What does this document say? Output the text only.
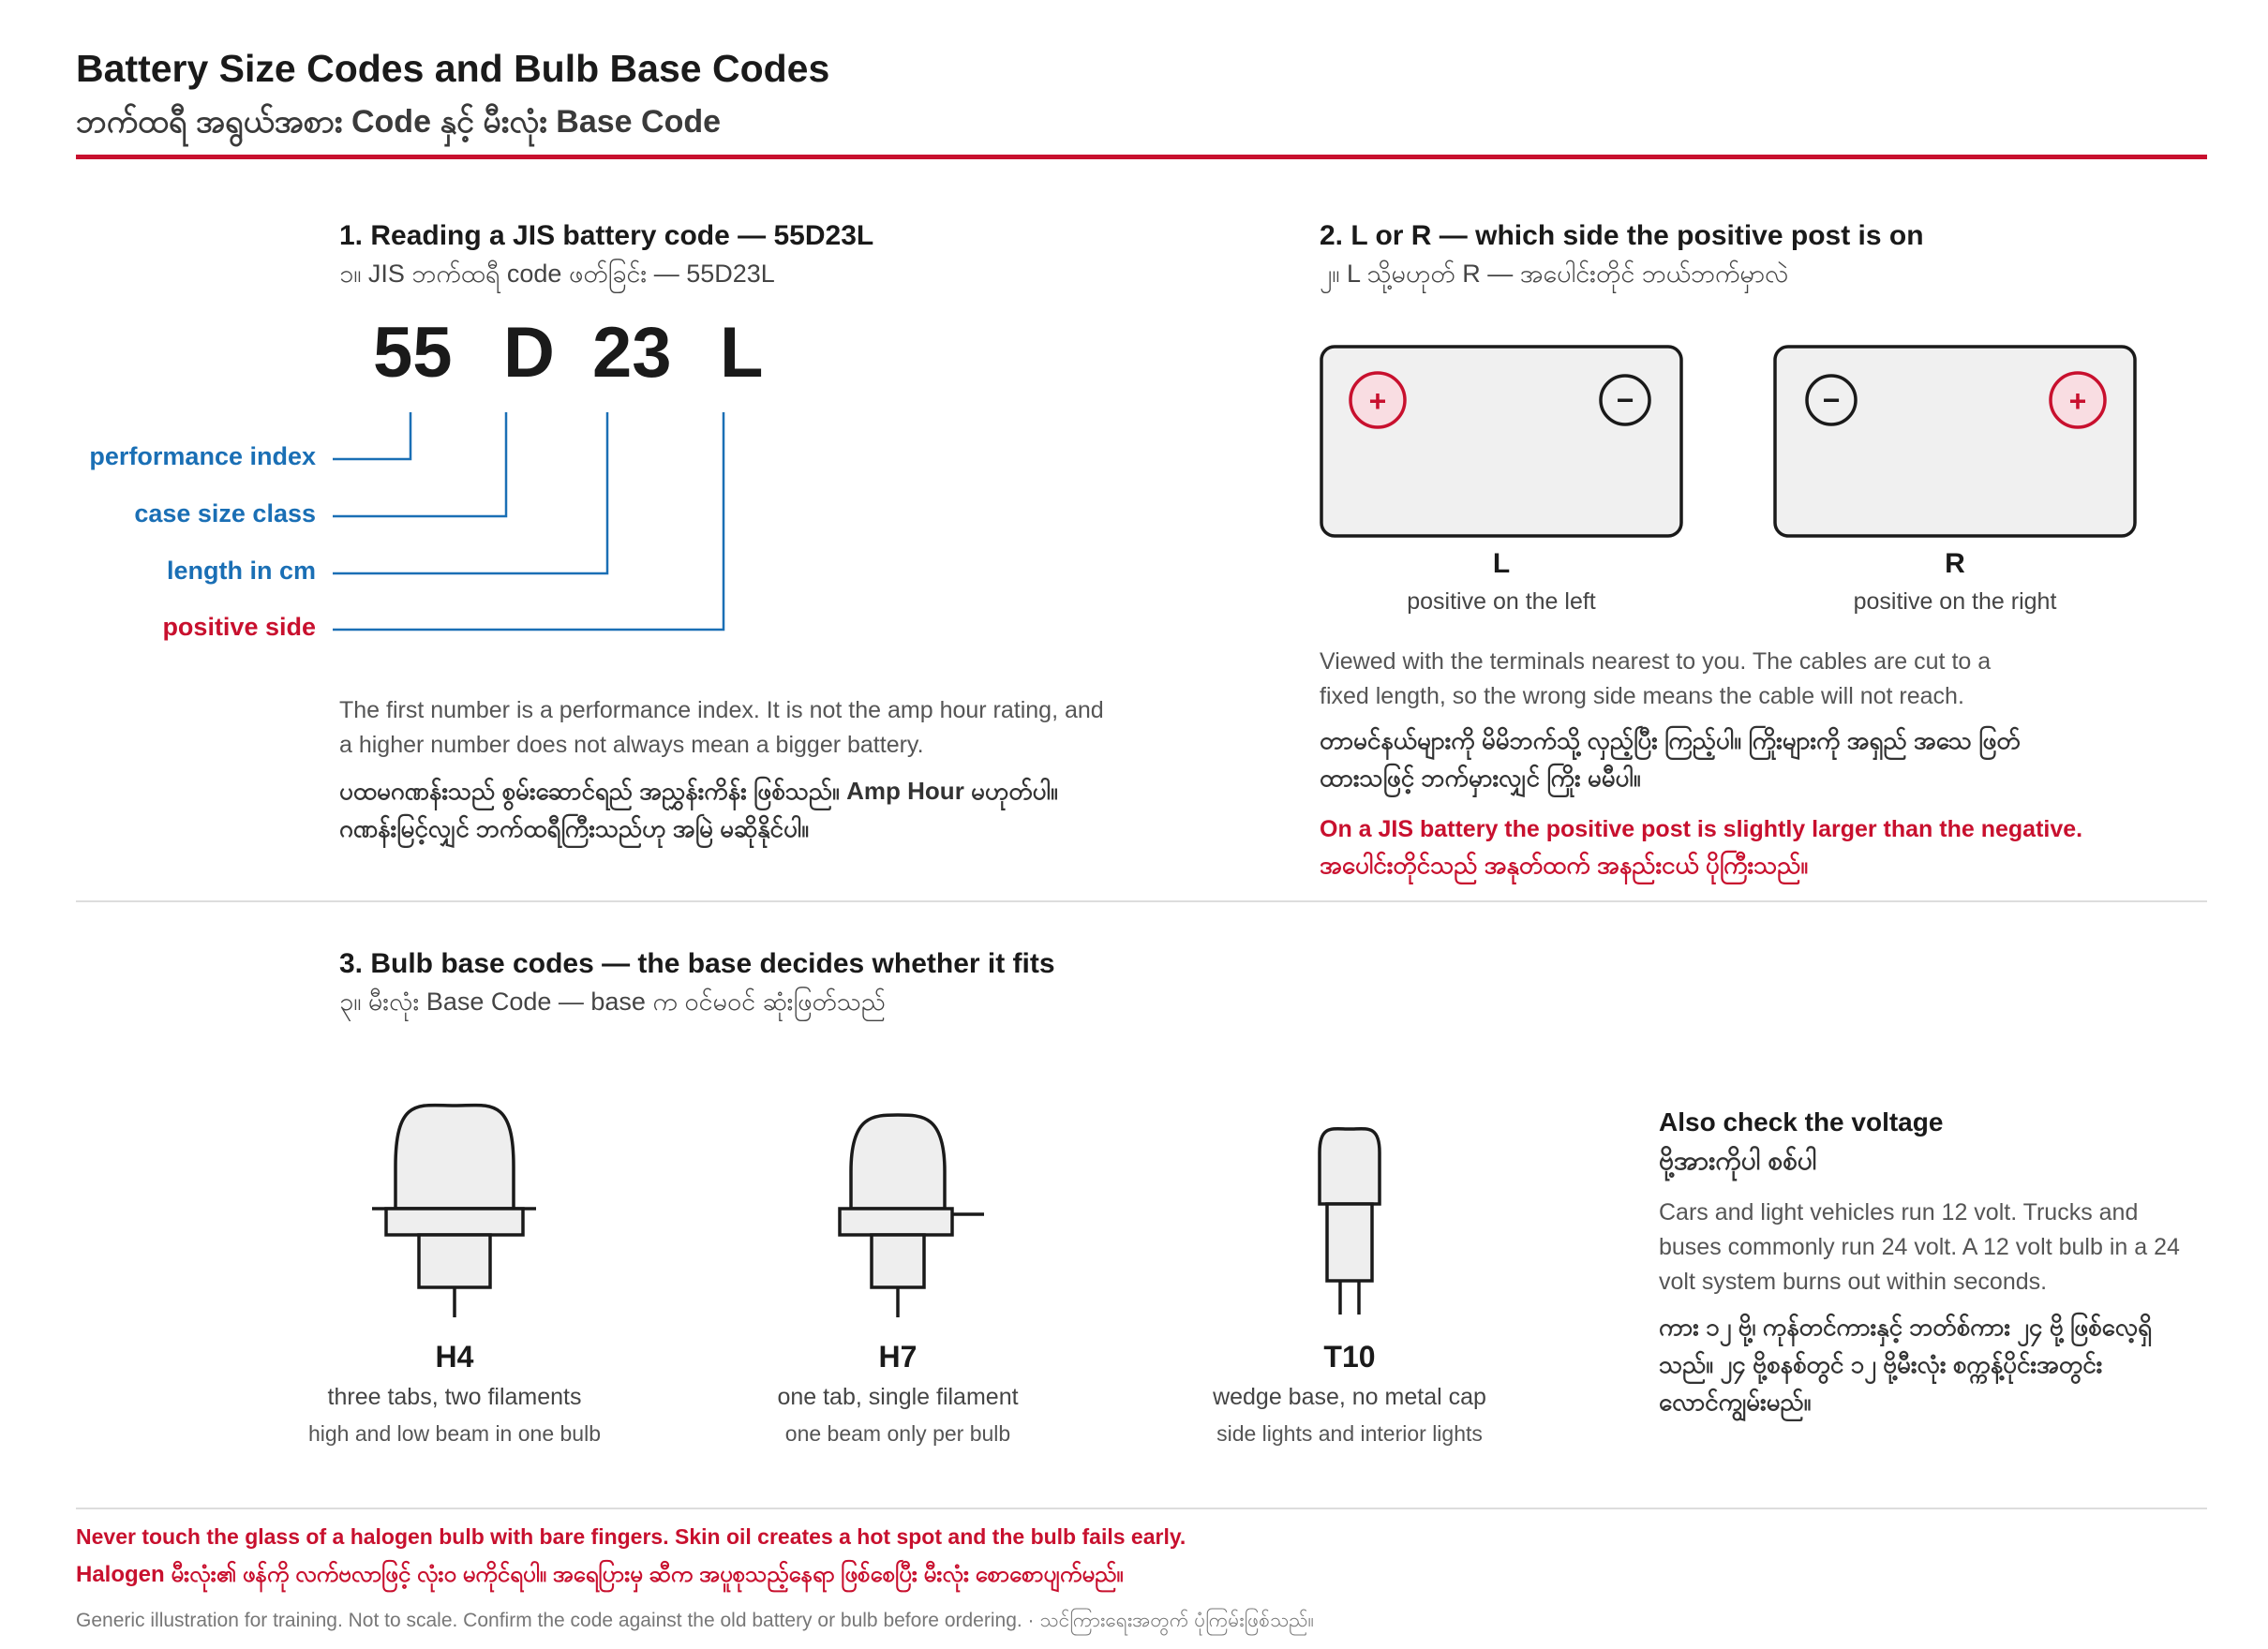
Battery Size Codes and Bulb Base Codes
ဘက်ထရီ အရွယ်အစား Code နှင့် မီးလုံး Base Code
+	−	−	+
1. Reading a JIS battery code — 55D23L
၁။ JIS ဘက်ထရီ code ဖတ်ခြင်း — 55D23L
55 D 23 L
performance index
case size class
length in cm
positive side
The first number is a performance index. It is not the amp hour rating, and a higher number does not always mean a bigger battery.
ပထမဂဏန်းသည် စွမ်းဆောင်ရည် အညွှန်းကိန်း ဖြစ်သည်။ Amp Hour မဟုတ်ပါ။ ဂဏန်းမြင့်လျှင် ဘက်ထရီကြီးသည်ဟု အမြဲ မဆိုနိုင်ပါ။
2. L or R — which side the positive post is on
၂။ L သို့မဟုတ် R — အပေါင်းတိုင် ဘယ်ဘက်မှာလဲ
L
positive on the left
R
positive on the right
Viewed with the terminals nearest to you. The cables are cut to a fixed length, so the wrong side means the cable will not reach.
တာမင်နယ်များကို မိမိဘက်သို့ လှည့်ပြီး ကြည့်ပါ။ ကြိုးများကို အရှည် အသေ ဖြတ်ထားသဖြင့် ဘက်မှားလျှင် ကြိုး မမီပါ။
On a JIS battery the positive post is slightly larger than the negative.
အပေါင်းတိုင်သည် အနုတ်ထက် အနည်းငယ် ပိုကြီးသည်။
3. Bulb base codes — the base decides whether it fits
၃။ မီးလုံး Base Code — base က ဝင်မဝင် ဆုံးဖြတ်သည်
H4
three tabs, two filaments
high and low beam in one bulb
H7
one tab, single filament
one beam only per bulb
T10
wedge base, no metal cap
side lights and interior lights
Also check the voltage
ဗို့အားကိုပါ စစ်ပါ
Cars and light vehicles run 12 volt. Trucks and buses commonly run 24 volt. A 12 volt bulb in a 24 volt system burns out within seconds.
ကား ၁၂ ဗို့၊ ကုန်တင်ကားနှင့် ဘတ်စ်ကား ၂၄ ဗို့ ဖြစ်လေ့ရှိသည်။ ၂၄ ဗို့စနစ်တွင် ၁၂ ဗို့မီးလုံး စက္ကန့်ပိုင်းအတွင်း လောင်ကျွမ်းမည်။
Never touch the glass of a halogen bulb with bare fingers. Skin oil creates a hot spot and the bulb fails early.
Halogen မီးလုံး၏ ဖန်ကို လက်ဗလာဖြင့် လုံးဝ မကိုင်ရပါ။ အရေပြားမှ ဆီက အပူစုသည့်နေရာ ဖြစ်စေပြီး မီးလုံး စောစောပျက်မည်။
Generic illustration for training. Not to scale. Confirm the code against the old battery or bulb before ordering. · သင်ကြားရေးအတွက် ပုံကြမ်းဖြစ်သည်။
